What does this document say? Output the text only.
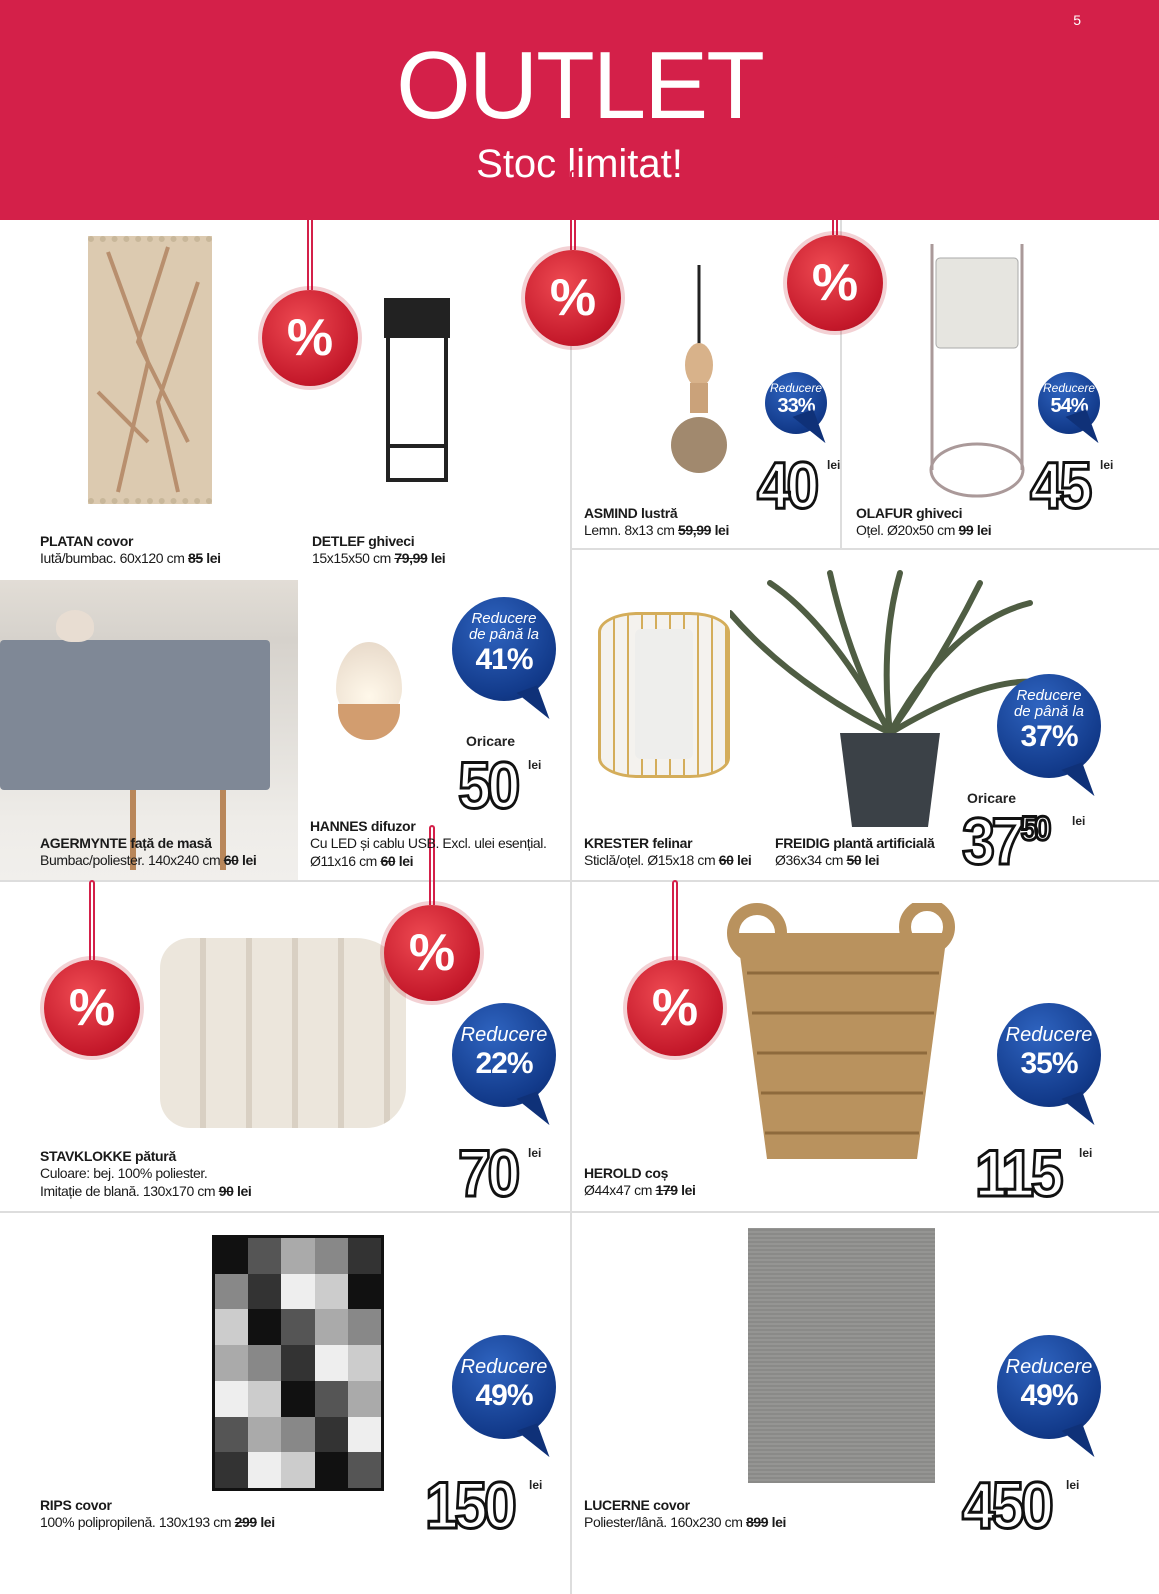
5
OUTLET
Stoc limitat!
%
%	%
%
%
%
PLATAN covor
Iută/bumbac. 60x120 cm 85 lei
DETLEF ghiveci
15x15x50 cm 79,99 lei
ASMIND lustră
Lemn. 8x13 cm 59,99 lei
Reducere
33%
40 lei
OLAFUR ghiveci
Oțel. Ø20x50 cm 99 lei
Reducere
54%
45 lei
AGERMYNTE față de masă
Bumbac/poliester. 140x240 cm 60 lei
HANNES difuzor
Cu LED și cablu USB. Excl. ulei esențial.
Ø11x16 cm 60 lei
Reducere
de până la
41%
Oricare
50 lei
KRESTER felinar
Sticlă/oțel. Ø15x18 cm 60 lei
FREIDIG plantă artificială
Ø36x34 cm 50 lei
Reducere
de până la
37%
Oricare
$37^{50}$ lei
STAVKLOKKE pătură
Culoare: bej. 100% poliester.
Imitație de blană. 130x170 cm 90 lei
Reducere
22%
70 lei
HEROLD coș
Ø44x47 cm 179 lei
Reducere
35%
115 lei
RIPS covor
100% polipropilenă. 130x193 cm 299 lei
Reducere
49%
150 lei
LUCERNE covor
Poliester/lână. 160x230 cm 899 lei
Reducere
49%
450 lei
